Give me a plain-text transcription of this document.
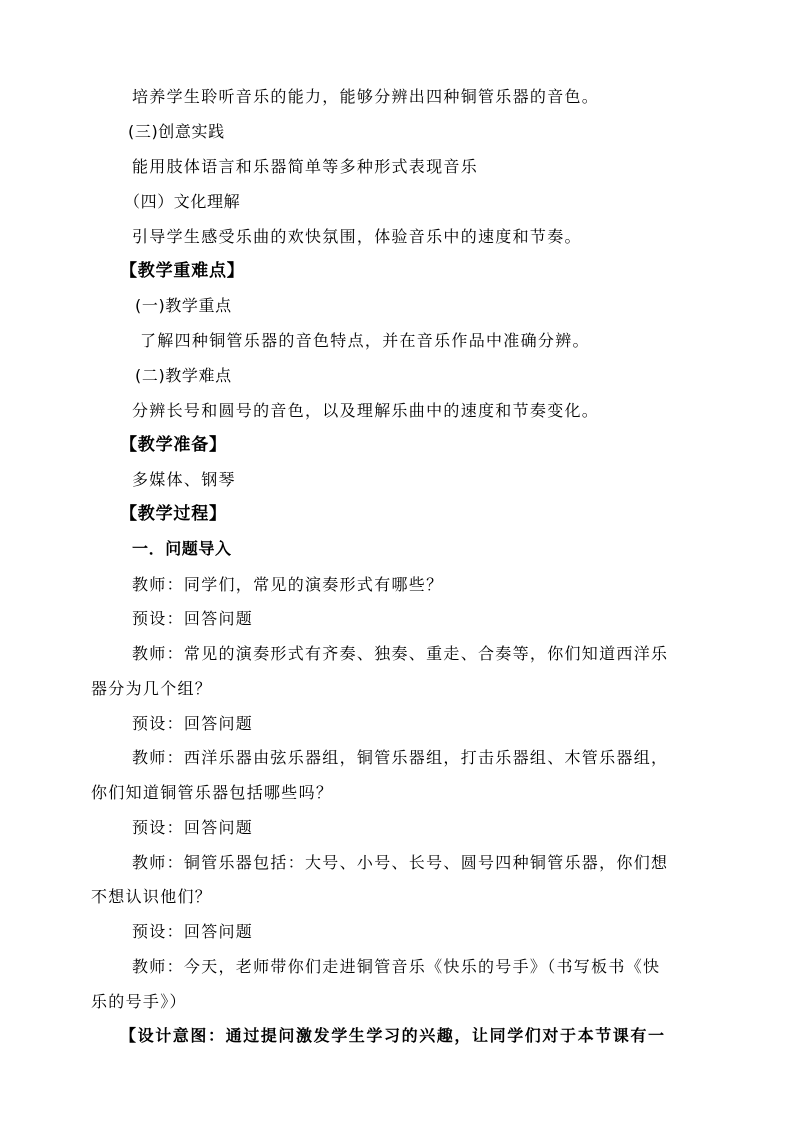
培养学生聆听音乐的能力，能够分辨出四种铜管乐器的音色。
(三)创意实践
能用肢体语言和乐器简单等多种形式表现音乐
（四）文化理解
引导学生感受乐曲的欢快氛围，体验音乐中的速度和节奏。
【教学重难点】
(一)教学重点
了解四种铜管乐器的音色特点，并在音乐作品中准确分辨。
(二)教学难点
分辨长号和圆号的音色，以及理解乐曲中的速度和节奏变化。
【教学准备】
多媒体、钢琴
【教学过程】
一．问题导入
教师：同学们，常见的演奏形式有哪些？
预设：回答问题
教师：常见的演奏形式有齐奏、独奏、重走、合奏等，你们知道西洋乐
器分为几个组？
预设：回答问题
教师：西洋乐器由弦乐器组，铜管乐器组，打击乐器组、木管乐器组，
你们知道铜管乐器包括哪些吗？
预设：回答问题
教师：铜管乐器包括：大号、小号、长号、圆号四种铜管乐器，你们想
不想认识他们？
预设：回答问题
教师：今天，老师带你们走进铜管音乐《快乐的号手》（书写板书《快
乐的号手》）
【设计意图：通过提问激发学生学习的兴趣，让同学们对于本节课有一
